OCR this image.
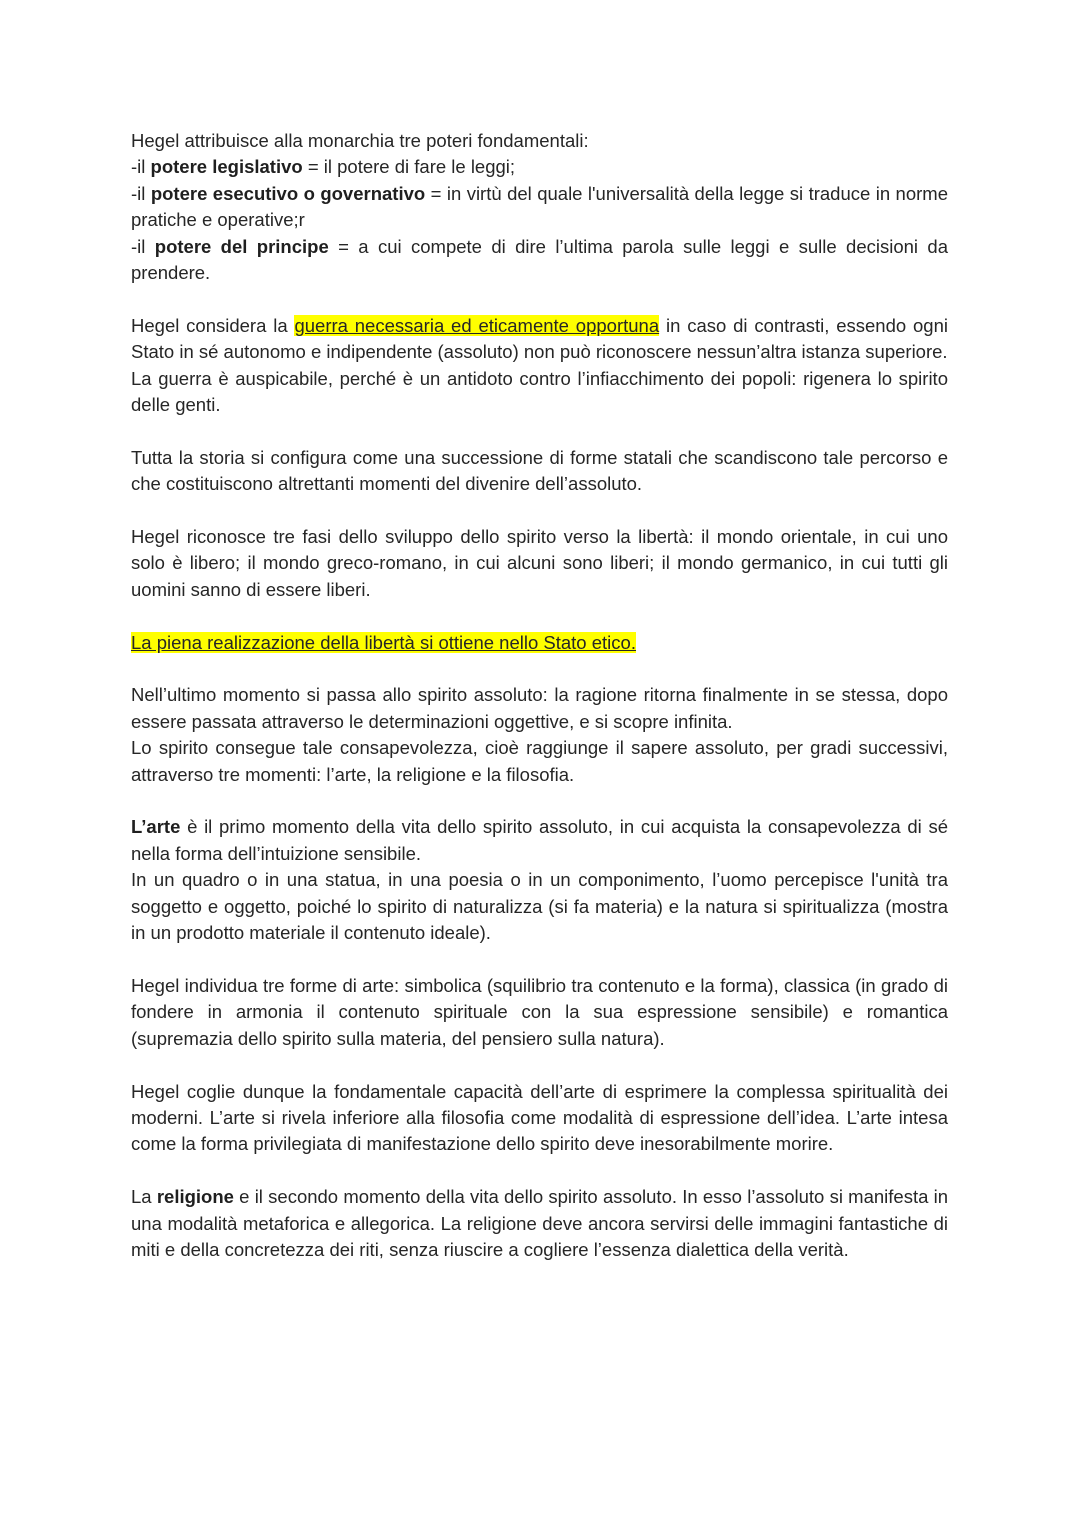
Hegel attribuisce alla monarchia tre poteri fondamentali:
-il potere legislativo = il potere di fare le leggi;
-il potere esecutivo o governativo = in virtù del quale l'universalità della legge si traduce in norme pratiche e operative;r
-il potere del principe = a cui compete di dire l’ultima parola sulle leggi e sulle decisioni da prendere.

Hegel considera la guerra necessaria ed eticamente opportuna in caso di contrasti, essendo ogni Stato in sé autonomo e indipendente (assoluto) non può riconoscere nessun’altra istanza superiore.
La guerra è auspicabile, perché è un antidoto contro l’infiacchimento dei popoli: rigenera lo spirito delle genti.

Tutta la storia si configura come una successione di forme statali che scandiscono tale percorso e che costituiscono altrettanti momenti del divenire dell’assoluto.

Hegel riconosce tre fasi dello sviluppo dello spirito verso la libertà: il mondo orientale, in cui uno solo è libero; il mondo greco-romano, in cui alcuni sono liberi; il mondo germanico, in cui tutti gli uomini sanno di essere liberi.

La piena realizzazione della libertà si ottiene nello Stato etico.

Nell’ultimo momento si passa allo spirito assoluto: la ragione ritorna finalmente in se stessa, dopo essere passata attraverso le determinazioni oggettive, e si scopre infinita.
Lo spirito consegue tale consapevolezza, cioè raggiunge il sapere assoluto, per gradi successivi, attraverso tre momenti: l’arte, la religione e la filosofia.

L’arte è il primo momento della vita dello spirito assoluto, in cui acquista la consapevolezza di sé nella forma dell’intuizione sensibile.
In un quadro o in una statua, in una poesia o in un componimento, l’uomo percepisce l'unità tra soggetto e oggetto, poiché lo spirito di naturalizza (si fa materia) e la natura si spiritualizza (mostra in un prodotto materiale il contenuto ideale).

Hegel individua tre forme di arte: simbolica (squilibrio tra contenuto e la forma), classica (in grado di fondere in armonia il contenuto spirituale con la sua espressione sensibile) e romantica (supremazia dello spirito sulla materia, del pensiero sulla natura).

Hegel coglie dunque la fondamentale capacità dell’arte di esprimere la complessa spiritualità dei moderni. L’arte si rivela inferiore alla filosofia come modalità di espressione dell’idea. L’arte intesa come la forma privilegiata di manifestazione dello spirito deve inesorabilmente morire.

La religione e il secondo momento della vita dello spirito assoluto. In esso l’assoluto si manifesta in una modalità metaforica e allegorica. La religione deve ancora servirsi delle immagini fantastiche di miti e della concretezza dei riti, senza riuscire a cogliere l’essenza dialettica della verità.
